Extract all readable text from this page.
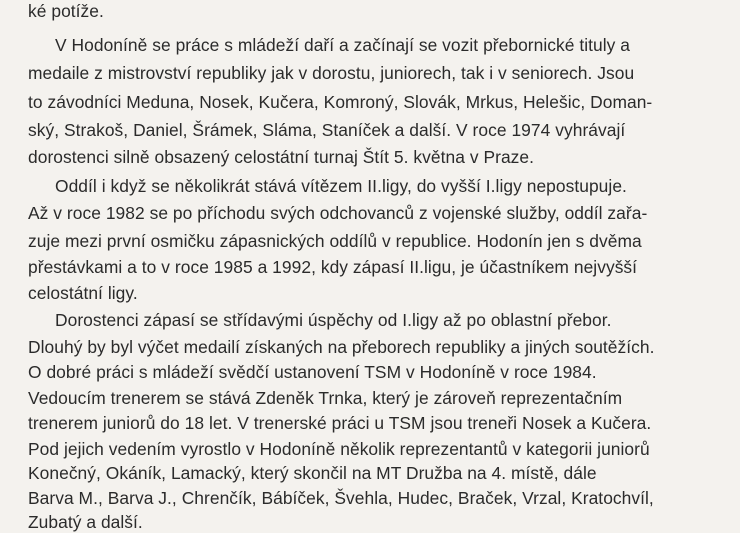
ké potíže.
V Hodoníně se práce s mládeží daří a začínají se vozit přebornické tituly a
medaile z mistrovství republiky jak v dorostu, juniorech, tak i v seniorech. Jsou
to závodníci Meduna, Nosek, Kučera, Komroný, Slovák, Mrkus, Helešic, Doman-
ský, Strakoš, Daniel, Šrámek, Sláma, Staníček a další. V roce 1974 vyhrávají
dorostenci silně obsazený celostátní turnaj Štít 5. května v Praze.
Oddíl i když se několikrát stává vítězem II.ligy, do vyšší I.ligy nepostupuje.
Až v roce 1982 se po příchodu svých odchovanců z vojenské služby, oddíl zařa-
zuje mezi první osmičku zápasnických oddílů v republice. Hodonín jen s dvěma
přestávkami a to v roce 1985 a 1992, kdy zápasí II.ligu, je účastníkem nejvyšší
celostátní ligy.
Dorostenci zápasí se střídavými úspěchy od I.ligy až po oblastní přebor.
Dlouhý by byl výčet medailí získaných na přeborech republiky a jiných soutěžích.
O dobré práci s mládeží svědčí ustanovení TSM v Hodoníně v roce 1984.
Vedoucím trenerem se stává Zdeněk Trnka, který je zároveň reprezentačním
trenerem juniorů do 18 let. V trenerské práci u TSM jsou treneři Nosek a Kučera.
Pod jejich vedením vyrostlo v Hodoníně několik reprezentantů v kategorii juniorů
Konečný, Okáník, Lamacký, který skončil na MT Družba na 4. místě, dále
Barva M., Barva J., Chrenčík, Bábíček, Švehla, Hudec, Braček, Vrzal, Kratochvíl,
Zubatý a další.
